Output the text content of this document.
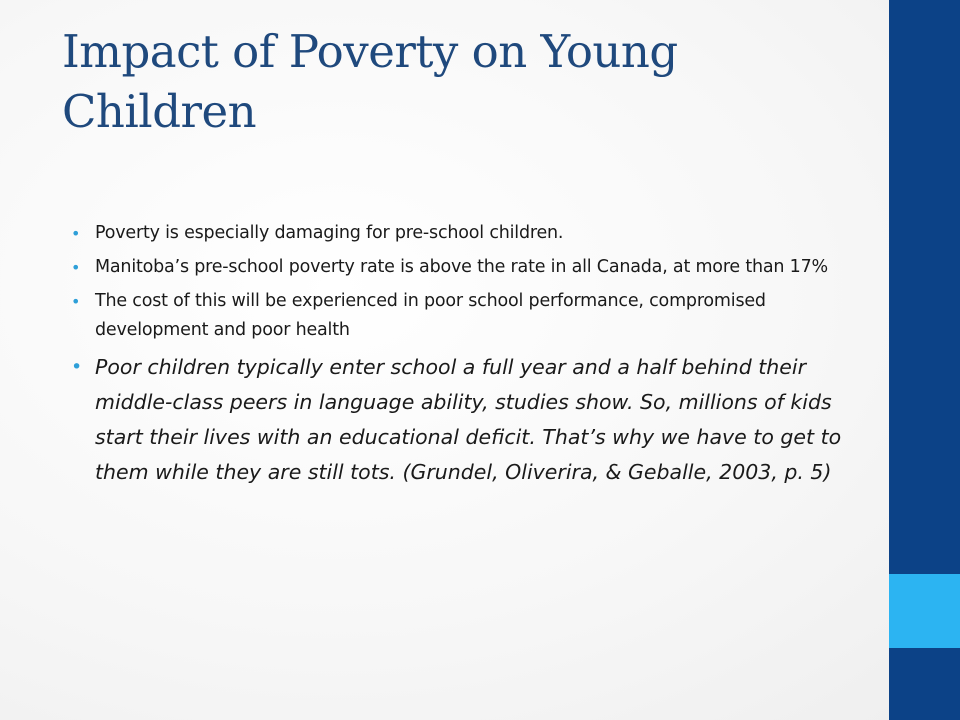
Impact of Poverty on Young Children
• Poverty is especially damaging for pre-school children.
• Manitoba’s pre-school poverty rate is above the rate in all Canada, at more than 17%
• The cost of this will be experienced in poor school performance, compromised development and poor health
• Poor children typically enter school a full year and a half behind their middle-class peers in language ability, studies show. So, millions of kids start their lives with an educational deficit. That’s why we have to get to them while they are still tots. (Grundel, Oliverira, & Geballe, 2003, p. 5)
